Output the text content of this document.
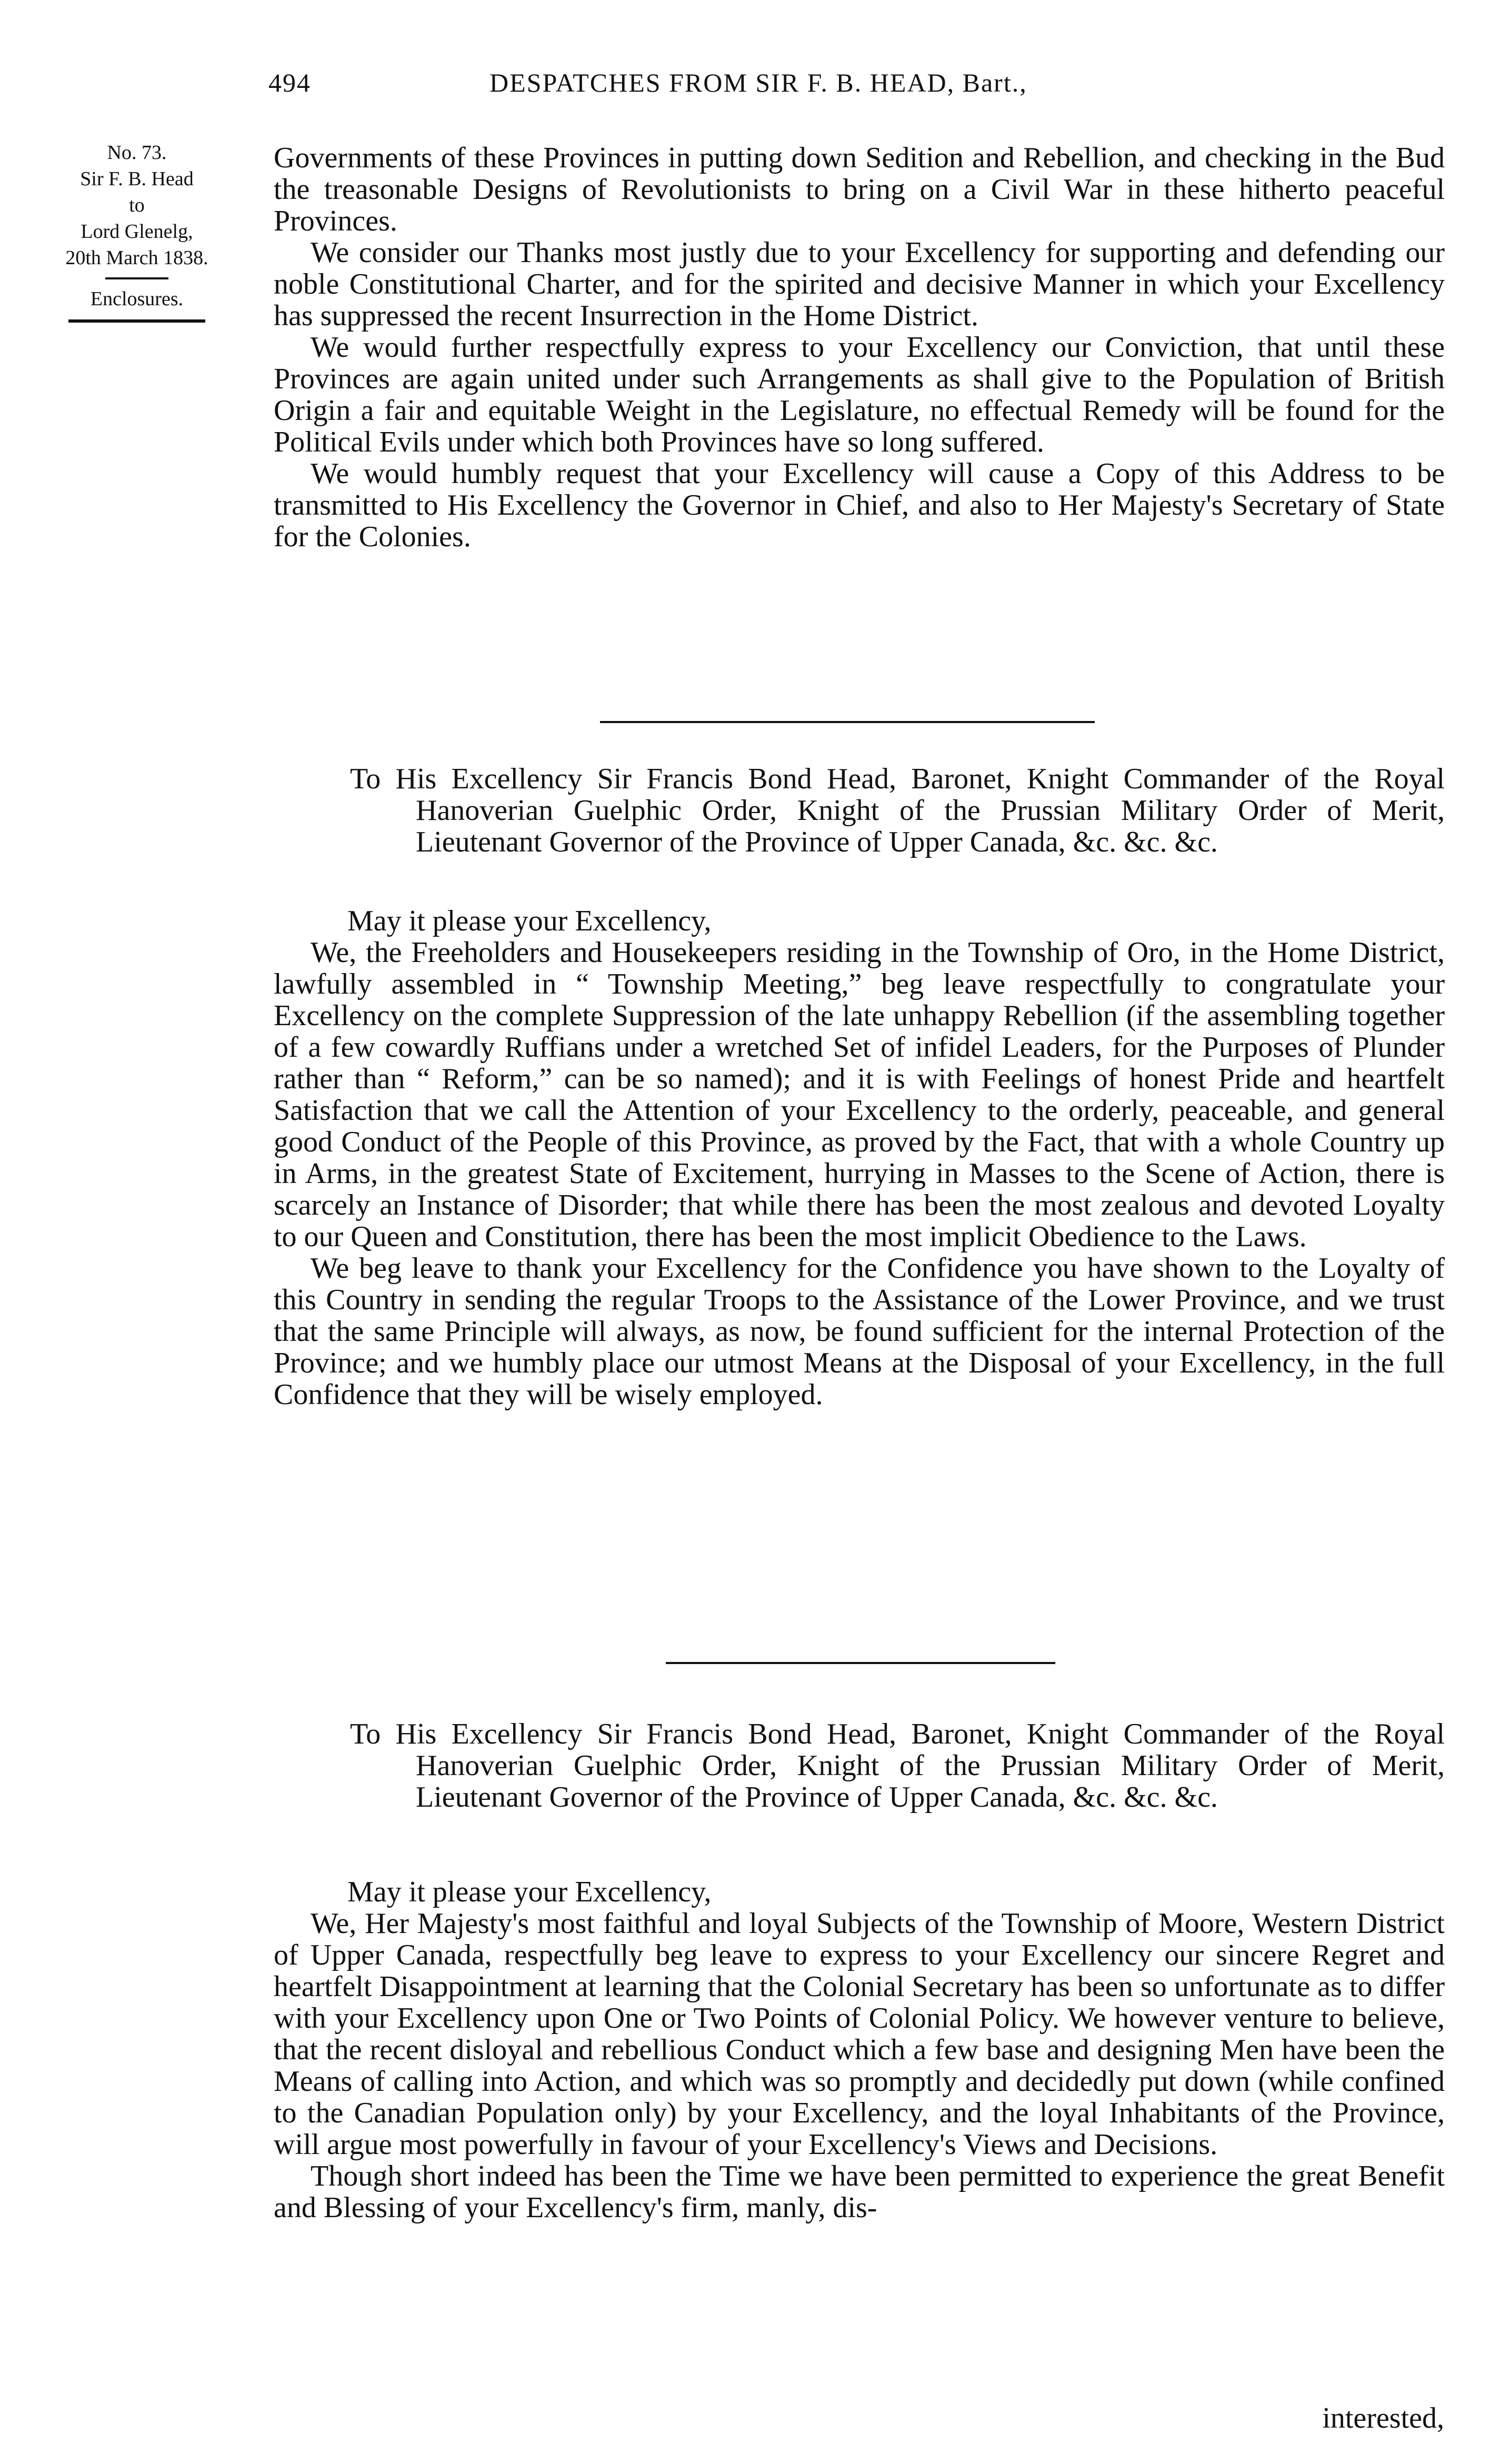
494	DESPATCHES FROM SIR F. B. HEAD, Bart.,
No. 73.
Sir F. B. Head
to
Lord Glenelg,
20th March 1838.
Enclosures.

Governments of these Provinces in putting down Sedition and Rebellion, and checking in the Bud the treasonable Designs of Revolutionists to bring on a Civil War in these hitherto peaceful Provinces.

We consider our Thanks most justly due to your Excellency for supporting and defending our noble Constitutional Charter, and for the spirited and decisive Manner in which your Excellency has suppressed the recent Insurrection in the Home District.

We would further respectfully express to your Excellency our Conviction, that until these Provinces are again united under such Arrangements as shall give to the Population of British Origin a fair and equitable Weight in the Legislature, no effectual Remedy will be found for the Political Evils under which both Provinces have so long suffered.

We would humbly request that your Excellency will cause a Copy of this Address to be transmitted to His Excellency the Governor in Chief, and also to Her Majesty's Secretary of State for the Colonies.

To His Excellency Sir Francis Bond Head, Baronet, Knight Commander of the Royal Hanoverian Guelphic Order, Knight of the Prussian Military Order of Merit, Lieutenant Governor of the Province of Upper Canada, &c. &c. &c.
May it please your Excellency,

We, the Freeholders and Housekeepers residing in the Township of Oro, in the Home District, lawfully assembled in “ Township Meeting,” beg leave respectfully to congratulate your Excellency on the complete Suppression of the late unhappy Rebellion (if the assembling together of a few cowardly Ruffians under a wretched Set of infidel Leaders, for the Purposes of Plunder rather than “ Reform,” can be so named); and it is with Feelings of honest Pride and heartfelt Satisfaction that we call the Attention of your Excellency to the orderly, peaceable, and general good Conduct of the People of this Province, as proved by the Fact, that with a whole Country up in Arms, in the greatest State of Excitement, hurrying in Masses to the Scene of Action, there is scarcely an Instance of Disorder; that while there has been the most zealous and devoted Loyalty to our Queen and Constitution, there has been the most implicit Obedience to the Laws.

We beg leave to thank your Excellency for the Confidence you have shown to the Loyalty of this Country in sending the regular Troops to the Assistance of the Lower Province, and we trust that the same Principle will always, as now, be found sufficient for the internal Protection of the Province; and we humbly place our utmost Means at the Disposal of your Excellency, in the full Confidence that they will be wisely employed.

To His Excellency Sir Francis Bond Head, Baronet, Knight Commander of the Royal Hanoverian Guelphic Order, Knight of the Prussian Military Order of Merit, Lieutenant Governor of the Province of Upper Canada, &c. &c. &c.
May it please your Excellency,

We, Her Majesty's most faithful and loyal Subjects of the Township of Moore, Western District of Upper Canada, respectfully beg leave to express to your Excellency our sincere Regret and heartfelt Disappointment at learning that the Colonial Secretary has been so unfortunate as to differ with your Excellency upon One or Two Points of Colonial Policy. We however venture to believe, that the recent disloyal and rebellious Conduct which a few base and designing Men have been the Means of calling into Action, and which was so promptly and decidedly put down (while confined to the Canadian Population only) by your Excellency, and the loyal Inhabitants of the Province, will argue most powerfully in favour of your Excellency's Views and Decisions.

Though short indeed has been the Time we have been permitted to experience the great Benefit and Blessing of your Excellency's firm, manly, dis-

interested,
